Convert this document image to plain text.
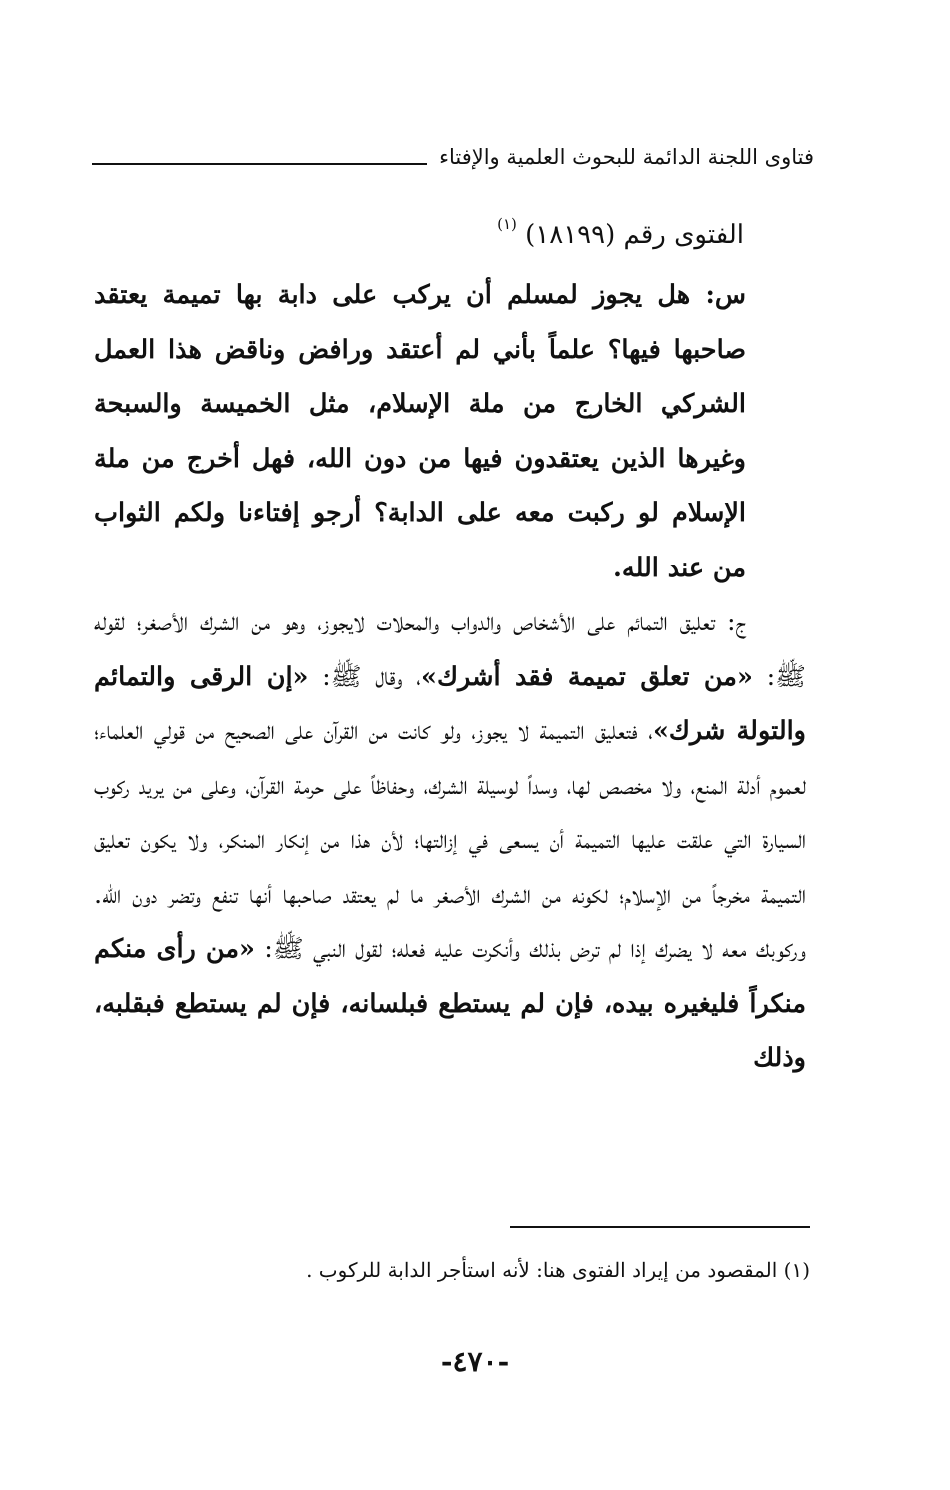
فتاوى اللجنة الدائمة للبحوث العلمية والإفتاء
الفتوى رقم (١٨١٩٩) $^{(١)}$

س: هل يجوز لمسلم أن يركب على دابة بها تميمة يعتقد صاحبها فيها؟ علماً بأني لم أعتقد ورافض وناقض هذا العمل الشركي الخارج من ملة الإسلام، مثل الخميسة والسبحة وغيرها الذين يعتقدون فيها من دون الله، فهل أخرج من ملة الإسلام لو ركبت معه على الدابة؟ أرجو إفتاءنا ولكم الثواب من عند الله.

ج: تعليق التمائم على الأشخاص والدواب والمحلات لايجوز، وهو من الشرك الأصغر؛ لقوله ﷺ: «من تعلق تميمة فقد أشرك»، وقال ﷺ: «إن الرقى والتمائم والتولة شرك»، فتعليق التميمة لا يجوز، ولو كانت من القرآن على الصحيح من قولي العلماء؛ لعموم أدلة المنع، ولا مخصص لها، وسداً لوسيلة الشرك، وحفاظاً على حرمة القرآن، وعلى من يريد ركوب السيارة التي علقت عليها التميمة أن يسعى في إزالتها؛ لأن هذا من إنكار المنكر، ولا يكون تعليق التميمة مخرجاً من الإسلام؛ لكونه من الشرك الأصغر ما لم يعتقد صاحبها أنها تنفع وتضر دون الله. وركوبك معه لا يضرك إذا لم ترض بذلك وأنكرت عليه فعله؛ لقول النبي ﷺ: «من رأى منكم منكراً فليغيره بيده، فإن لم يستطع فبلسانه، فإن لم يستطع فبقلبه، وذلك

(١) المقصود من إيراد الفتوى هنا: لأنه استأجر الدابة للركوب .
-٤٧٠-
